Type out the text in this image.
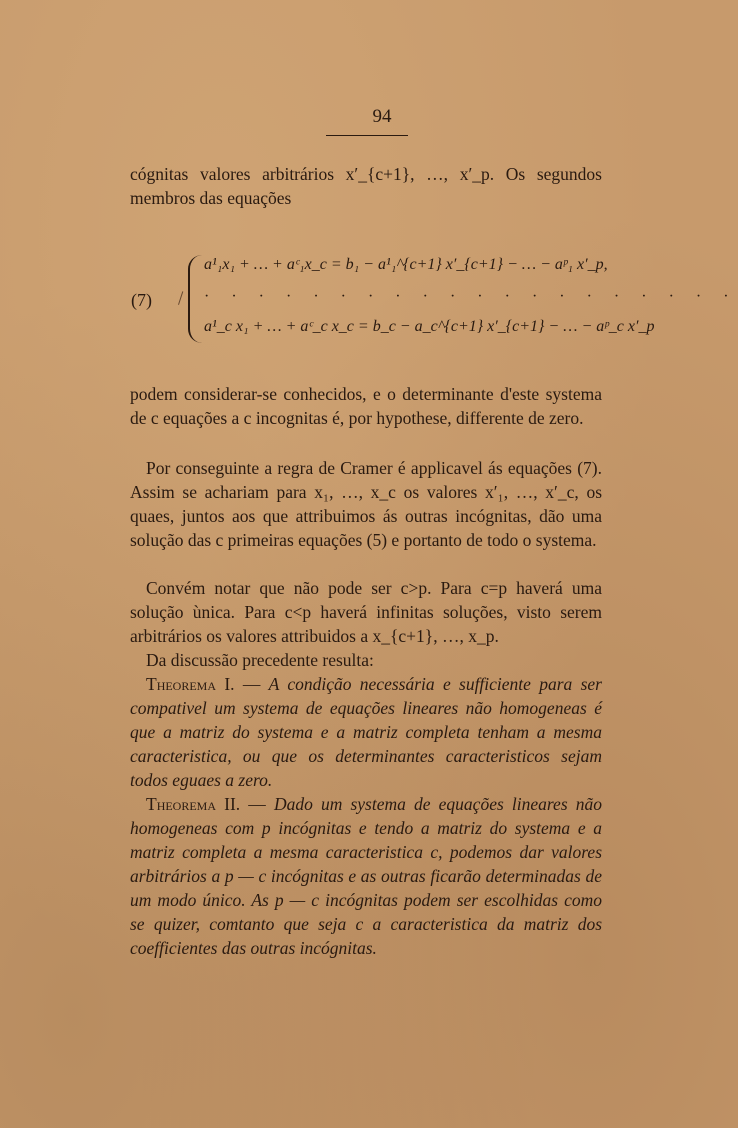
94
cógnitas valores arbitrários x′_{c+1}, …, x′_p. Os segundos membros das equações
(7)
a¹₁x₁ + … + aᶜ₁x_c = b₁ − a¹₁^{c+1} x′_{c+1} − … − aᵖ₁ x′_p,
· · · · · · · · · · · · · · · · · · · ·
a¹_c x₁ + … + aᶜ_c x_c = b_c − a_c^{c+1} x′_{c+1} − … − aᵖ_c x′_p
podem considerar-se conhecidos, e o determinante d'este systema de c equações a c incognitas é, por hypothese, differente de zero.
Por conseguinte a regra de Cramer é applicavel ás equações (7). Assim se achariam para x₁, …, x_c os valores x′₁, …, x′_c, os quaes, juntos aos que attribuimos ás outras incógnitas, dão uma solução das c primeiras equações (5) e portanto de todo o systema.
Convém notar que não pode ser c>p. Para c=p haverá uma solução ùnica. Para c<p haverá infinitas soluções, visto serem arbitrários os valores attribuidos a x_{c+1}, …, x_p.
Da discussão precedente resulta:
Theorema I. — A condição necessária e sufficiente para ser compativel um systema de equações lineares não homogeneas é que a matriz do systema e a matriz completa tenham a mesma caracteristica, ou que os determinantes caracteristicos sejam todos eguaes a zero.
Theorema II. — Dado um systema de equações lineares não homogeneas com p incógnitas e tendo a matriz do systema e a matriz completa a mesma caracteristica c, podemos dar valores arbitrários a p — c incógnitas e as outras ficarão determinadas de um modo único. As p — c incógnitas podem ser escolhidas como se quizer, comtanto que seja c a caracteristica da matriz dos coefficientes das outras incógnitas.
